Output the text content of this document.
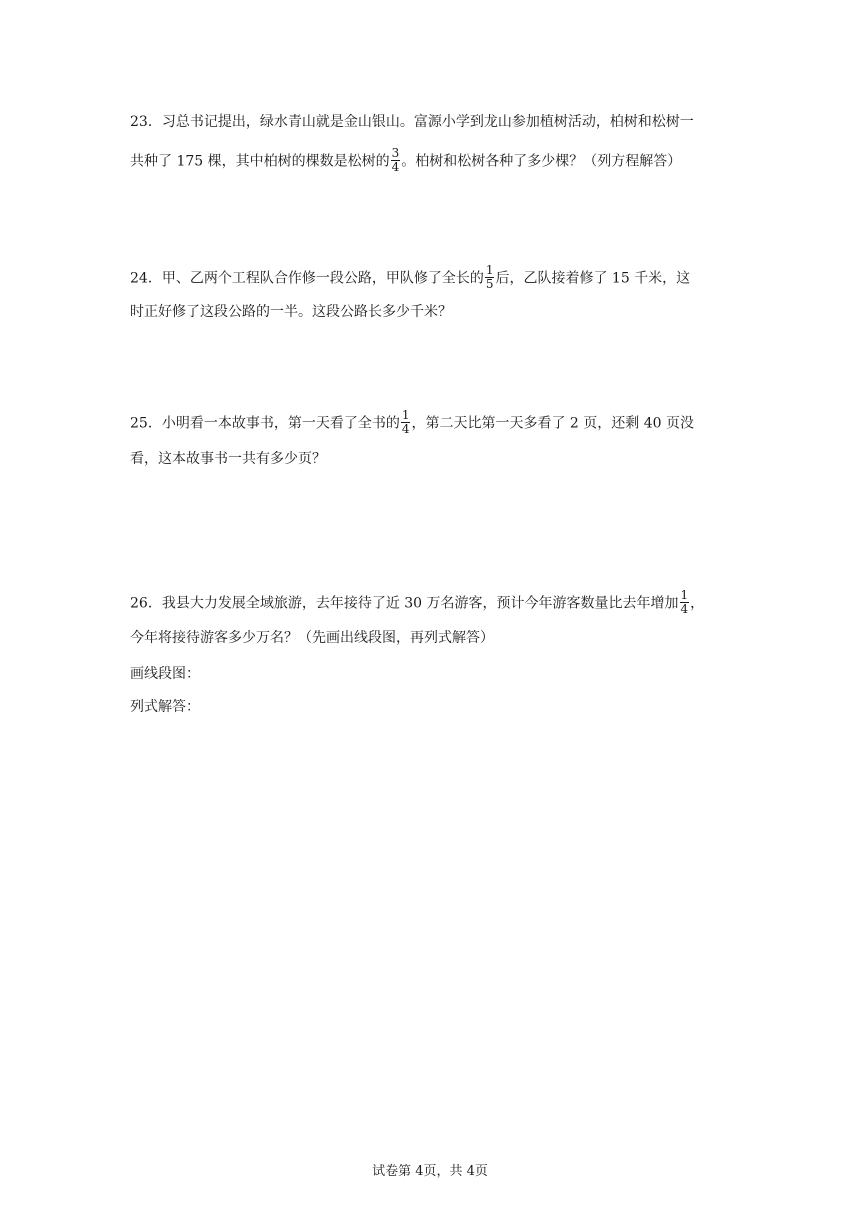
23．习总书记提出，绿水青山就是金山银山。富源小学到龙山参加植树活动，柏树和松树一
共种了 175 棵，其中柏树的棵数是松树的 $\frac{3}{4}$ 。柏树和松树各种了多少棵？（列方程解答）
24．甲、乙两个工程队合作修一段公路，甲队修了全长的 $\frac{1}{5}$ 后，乙队接着修了 15 千米，这
时正好修了这段公路的一半。这段公路长多少千米？
25．小明看一本故事书，第一天看了全书的 $\frac{1}{4}$ ，第二天比第一天多看了 2 页，还剩 40 页没
看，这本故事书一共有多少页？
26．我县大力发展全域旅游，去年接待了近 30 万名游客，预计今年游客数量比去年增加 $\frac{1}{4}$ ，
今年将接待游客多少万名？（先画出线段图，再列式解答）
画线段图：
列式解答：
试卷第 4页，共 4页
